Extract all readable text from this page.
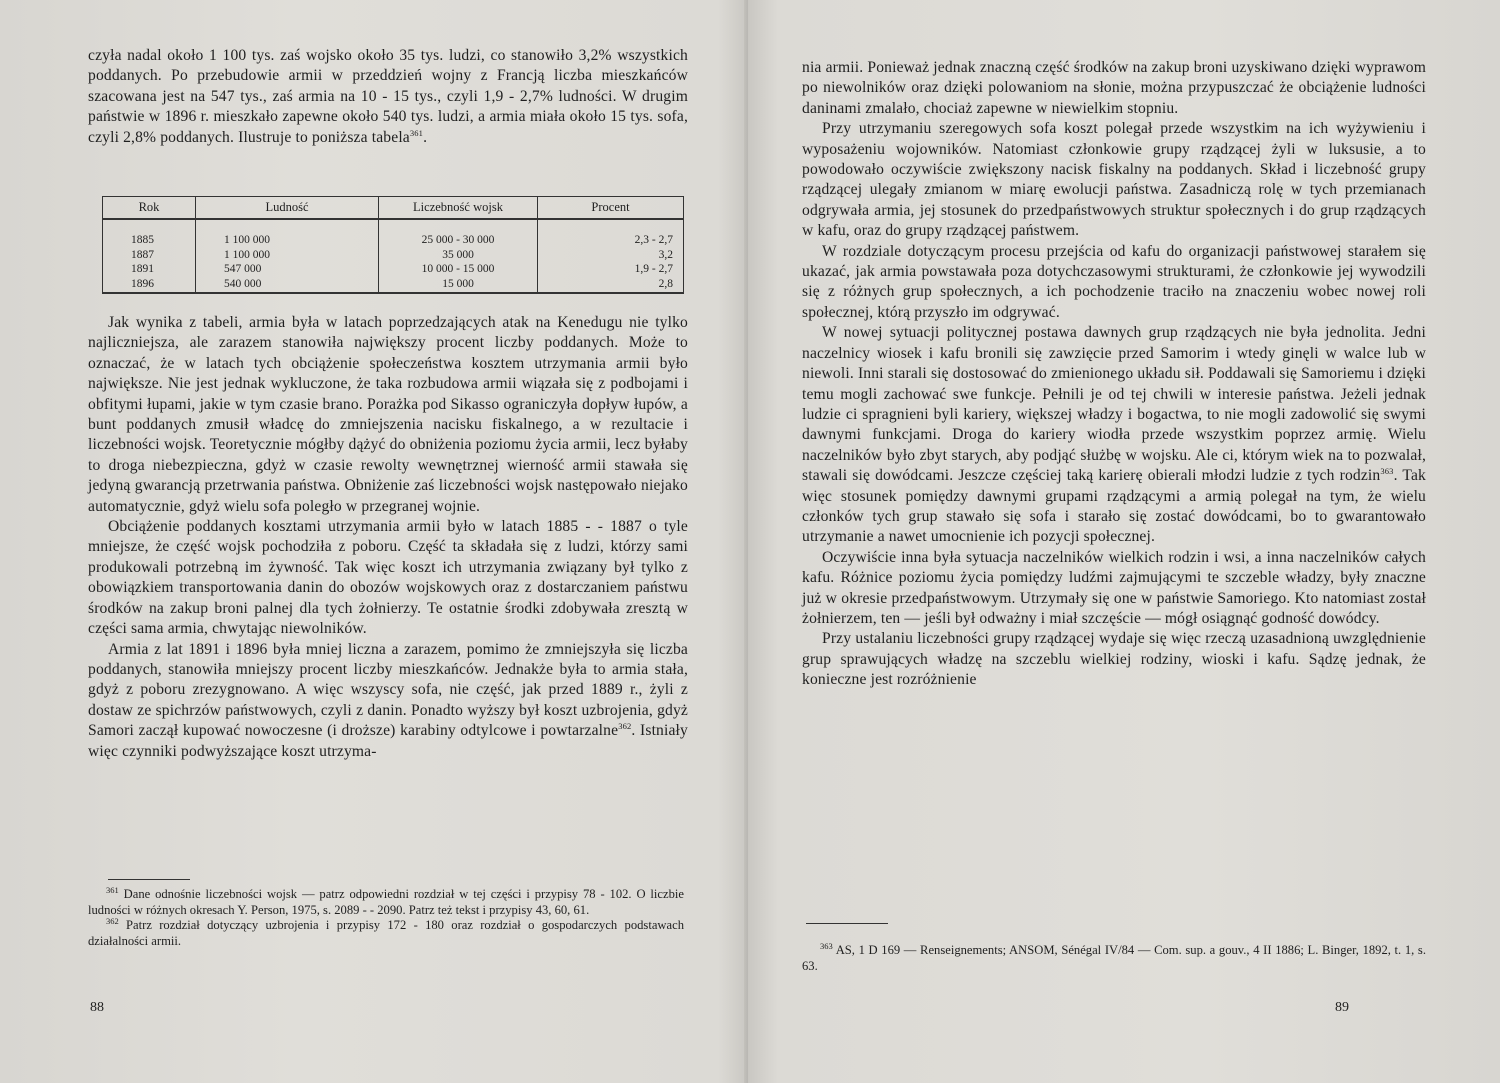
czyła nadal około 1 100 tys. zaś wojsko około 35 tys. ludzi, co stanowiło 3,2% wszystkich poddanych. Po przebudowie armii w przeddzień wojny z Francją liczba mieszkańców szacowana jest na 547 tys., zaś armia na 10 - 15 tys., czyli 1,9 - 2,7% ludności. W drugim państwie w 1896 r. mieszkało zapewne około 540 tys. ludzi, a armia miała około 15 tys. sofa, czyli 2,8% poddanych. Ilustruje to poniższa tabela$^{361}$.

Rok	Ludność	Liczebność wojsk	Procent
1885	1 100 000	25 000 - 30 000	2,3 - 2,7
1887	1 100 000	35 000	3,2
1891	547 000	10 000 - 15 000	1,9 - 2,7
1896	540 000	15 000	2,8

Jak wynika z tabeli, armia była w latach poprzedzających atak na Kenedugu nie tylko najliczniejsza, ale zarazem stanowiła największy procent liczby poddanych. Może to oznaczać, że w latach tych obciążenie społeczeństwa kosztem utrzymania armii było największe. Nie jest jednak wykluczone, że taka rozbudowa armii wiązała się z podbojami i obfitymi łupami, jakie w tym czasie brano. Porażka pod Sikasso ograniczyła dopływ łupów, a bunt poddanych zmusił władcę do zmniejszenia nacisku fiskalnego, a w rezultacie i liczebności wojsk. Teoretycznie mógłby dążyć do obniżenia poziomu życia armii, lecz byłaby to droga niebezpieczna, gdyż w czasie rewolty wewnętrznej wierność armii stawała się jedyną gwarancją przetrwania państwa. Obniżenie zaś liczebności wojsk następowało niejako automatycznie, gdyż wielu sofa poległo w przegranej wojnie.

Obciążenie poddanych kosztami utrzymania armii było w latach 1885 - - 1887 o tyle mniejsze, że część wojsk pochodziła z poboru. Część ta składała się z ludzi, którzy sami produkowali potrzebną im żywność. Tak więc koszt ich utrzymania związany był tylko z obowiązkiem transportowania danin do obozów wojskowych oraz z dostarczaniem państwu środków na zakup broni palnej dla tych żołnierzy. Te ostatnie środki zdobywała zresztą w części sama armia, chwytając niewolników.

Armia z lat 1891 i 1896 była mniej liczna a zarazem, pomimo że zmniejszyła się liczba poddanych, stanowiła mniejszy procent liczby mieszkańców. Jednakże była to armia stała, gdyż z poboru zrezygnowano. A więc wszyscy sofa, nie część, jak przed 1889 r., żyli z dostaw ze spichrzów państwowych, czyli z danin. Ponadto wyższy był koszt uzbrojenia, gdyż Samori zaczął kupować nowoczesne (i droższe) karabiny odtylcowe i powtarzalne$^{362}$. Istniały więc czynniki podwyższające koszt utrzyma-

$^{361}$ Dane odnośnie liczebności wojsk — patrz odpowiedni rozdział w tej części i przypisy 78 - 102. O liczbie ludności w różnych okresach Y. Person, 1975, s. 2089 - - 2090. Patrz też tekst i przypisy 43, 60, 61.

$^{362}$ Patrz rozdział dotyczący uzbrojenia i przypisy 172 - 180 oraz rozdział o gospodarczych podstawach działalności armii.

88

nia armii. Ponieważ jednak znaczną część środków na zakup broni uzyskiwano dzięki wyprawom po niewolników oraz dzięki polowaniom na słonie, można przypuszczać że obciążenie ludności daninami zmalało, chociaż zapewne w niewielkim stopniu.

Przy utrzymaniu szeregowych sofa koszt polegał przede wszystkim na ich wyżywieniu i wyposażeniu wojowników. Natomiast członkowie grupy rządzącej żyli w luksusie, a to powodowało oczywiście zwiększony nacisk fiskalny na poddanych. Skład i liczebność grupy rządzącej ulegały zmianom w miarę ewolucji państwa. Zasadniczą rolę w tych przemianach odgrywała armia, jej stosunek do przedpaństwowych struktur społecznych i do grup rządzących w kafu, oraz do grupy rządzącej państwem.

W rozdziale dotyczącym procesu przejścia od kafu do organizacji państwowej starałem się ukazać, jak armia powstawała poza dotychczasowymi strukturami, że członkowie jej wywodzili się z różnych grup społecznych, a ich pochodzenie traciło na znaczeniu wobec nowej roli społecznej, którą przyszło im odgrywać.

W nowej sytuacji politycznej postawa dawnych grup rządzących nie była jednolita. Jedni naczelnicy wiosek i kafu bronili się zawzięcie przed Samorim i wtedy ginęli w walce lub w niewoli. Inni starali się dostosować do zmienionego układu sił. Poddawali się Samoriemu i dzięki temu mogli zachować swe funkcje. Pełnili je od tej chwili w interesie państwa. Jeżeli jednak ludzie ci spragnieni byli kariery, większej władzy i bogactwa, to nie mogli zadowolić się swymi dawnymi funkcjami. Droga do kariery wiodła przede wszystkim poprzez armię. Wielu naczelników było zbyt starych, aby podjąć służbę w wojsku. Ale ci, którym wiek na to pozwalał, stawali się dowódcami. Jeszcze częściej taką karierę obierali młodzi ludzie z tych rodzin$^{363}$. Tak więc stosunek pomiędzy dawnymi grupami rządzącymi a armią polegał na tym, że wielu członków tych grup stawało się sofa i starało się zostać dowódcami, bo to gwarantowało utrzymanie a nawet umocnienie ich pozycji społecznej.

Oczywiście inna była sytuacja naczelników wielkich rodzin i wsi, a inna naczelników całych kafu. Różnice poziomu życia pomiędzy ludźmi zajmującymi te szczeble władzy, były znaczne już w okresie przedpaństwowym. Utrzymały się one w państwie Samoriego. Kto natomiast został żołnierzem, ten — jeśli był odważny i miał szczęście — mógł osiągnąć godność dowódcy.

Przy ustalaniu liczebności grupy rządzącej wydaje się więc rzeczą uzasadnioną uwzględnienie grup sprawujących władzę na szczeblu wielkiej rodziny, wioski i kafu. Sądzę jednak, że konieczne jest rozróżnienie

$^{363}$ AS, 1 D 169 — Renseignements; ANSOM, Sénégal IV/84 — Com. sup. a gouv., 4 II 1886; L. Binger, 1892, t. 1, s. 63.

89
